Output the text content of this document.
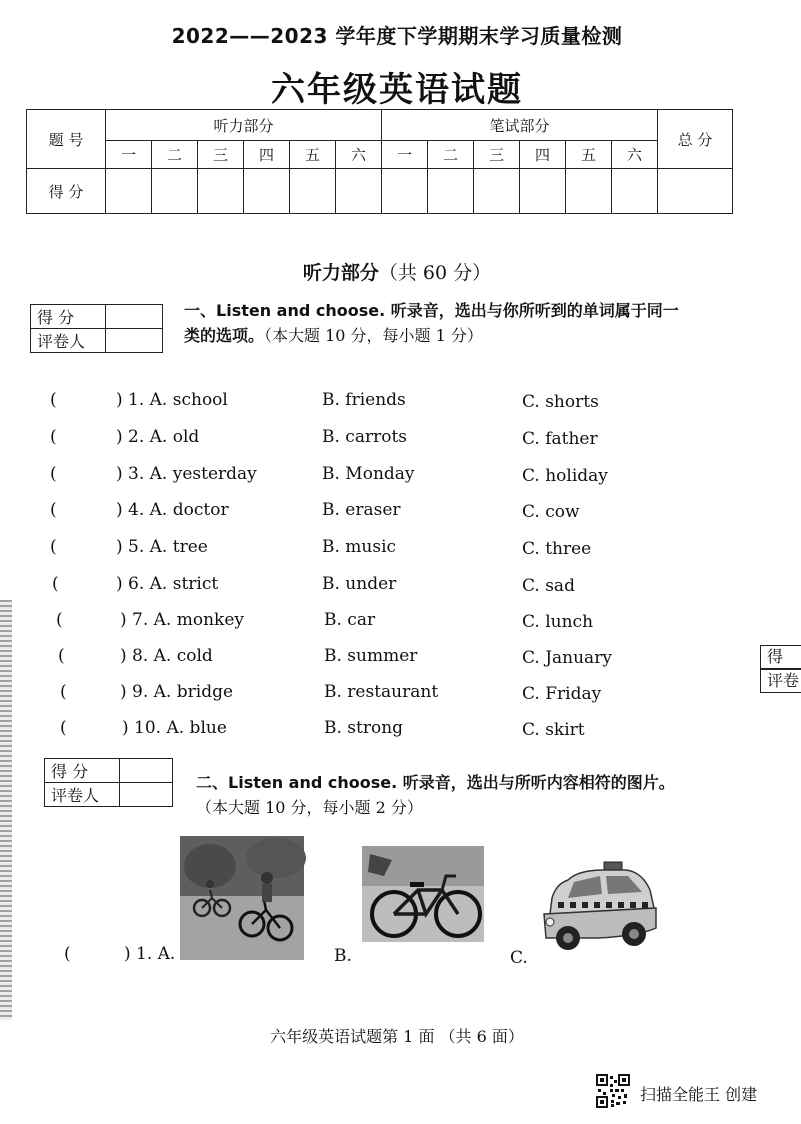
2022——2023 学年度下学期期末学习质量检测
六年级英语试题
题 号	听力部分						笔试部分						总 分
	一	二	三	四	五	六	一	二	三	四	五	六	
得 分													
听力部分（共 60 分）
得 分	
评卷人	
一、Listen and choose. 听录音，选出与你所听到的单词属于同一
类的选项。（本大题 10 分，每小题 1 分）
(	) 1. A. school	B. friends	C. shorts
(	) 2. A. old	B. carrots	C. father
(	) 3. A. yesterday	B. Monday	C. holiday
(	) 4. A. doctor	B. eraser	C. cow
(	) 5. A. tree	B. music	C. three
(	) 6. A. strict	B. under	C. sad
(	) 7. A. monkey	B. car	C. lunch
(	) 8. A. cold	B. summer	C. January
(	) 9. A. bridge	B. restaurant	C. Friday
(	) 10. A. blue	B. strong	C. skirt
得 分	
评卷人	
二、Listen and choose. 听录音，选出与所听内容相符的图片。
（本大题 10 分，每小题 2 分）
(	) 1. A.	B.	C.
得
评卷
六年级英语试题第 1 面 （共 6 面）
扫描全能王 创建
